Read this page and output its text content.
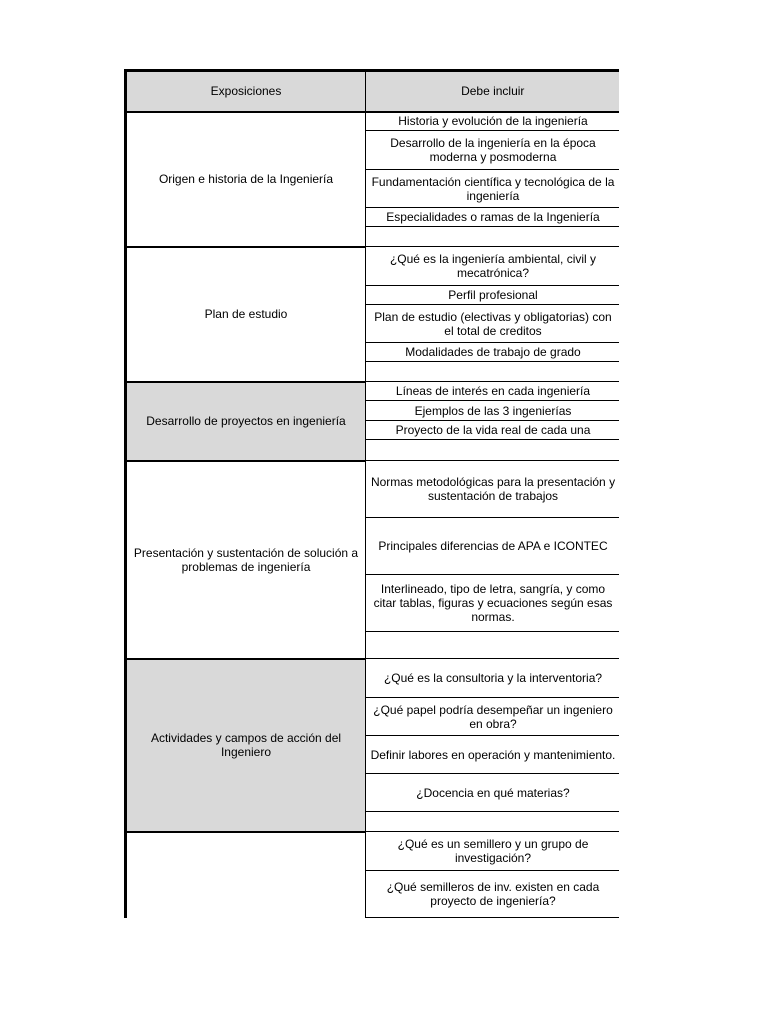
Exposiciones	Debe incluir
Origen e historia de la Ingeniería	Historia y evolución de la ingeniería
	Desarrollo de la ingeniería en la época moderna y posmoderna
	Fundamentación científica y tecnológica de la ingeniería
	Especialidades o ramas de la Ingeniería

Plan de estudio	¿Qué es la ingeniería ambiental, civil y mecatrónica?
	Perfil profesional
	Plan de estudio (electivas y obligatorias) con el total de creditos
	Modalidades de trabajo de grado

Desarrollo de proyectos en ingeniería	Líneas de interés en cada ingeniería
	Ejemplos de las 3 ingenierías
	Proyecto de la vida real de cada una

Presentación y sustentación de solución a problemas de ingeniería	Normas metodológicas para la presentación y sustentación de trabajos
	Principales diferencias de APA e ICONTEC
	Interlineado, tipo de letra, sangría, y como citar tablas, figuras y ecuaciones según esas normas.

Actividades y campos de acción del Ingeniero	¿Qué es la consultoria y la interventoria?
	¿Qué papel podría desempeñar un ingeniero en obra?
	Definir labores en operación y mantenimiento.
	¿Docencia en qué materias?

	¿Qué es un semillero y un grupo de investigación?
	¿Qué semilleros de inv. existen en cada proyecto de ingeniería?
